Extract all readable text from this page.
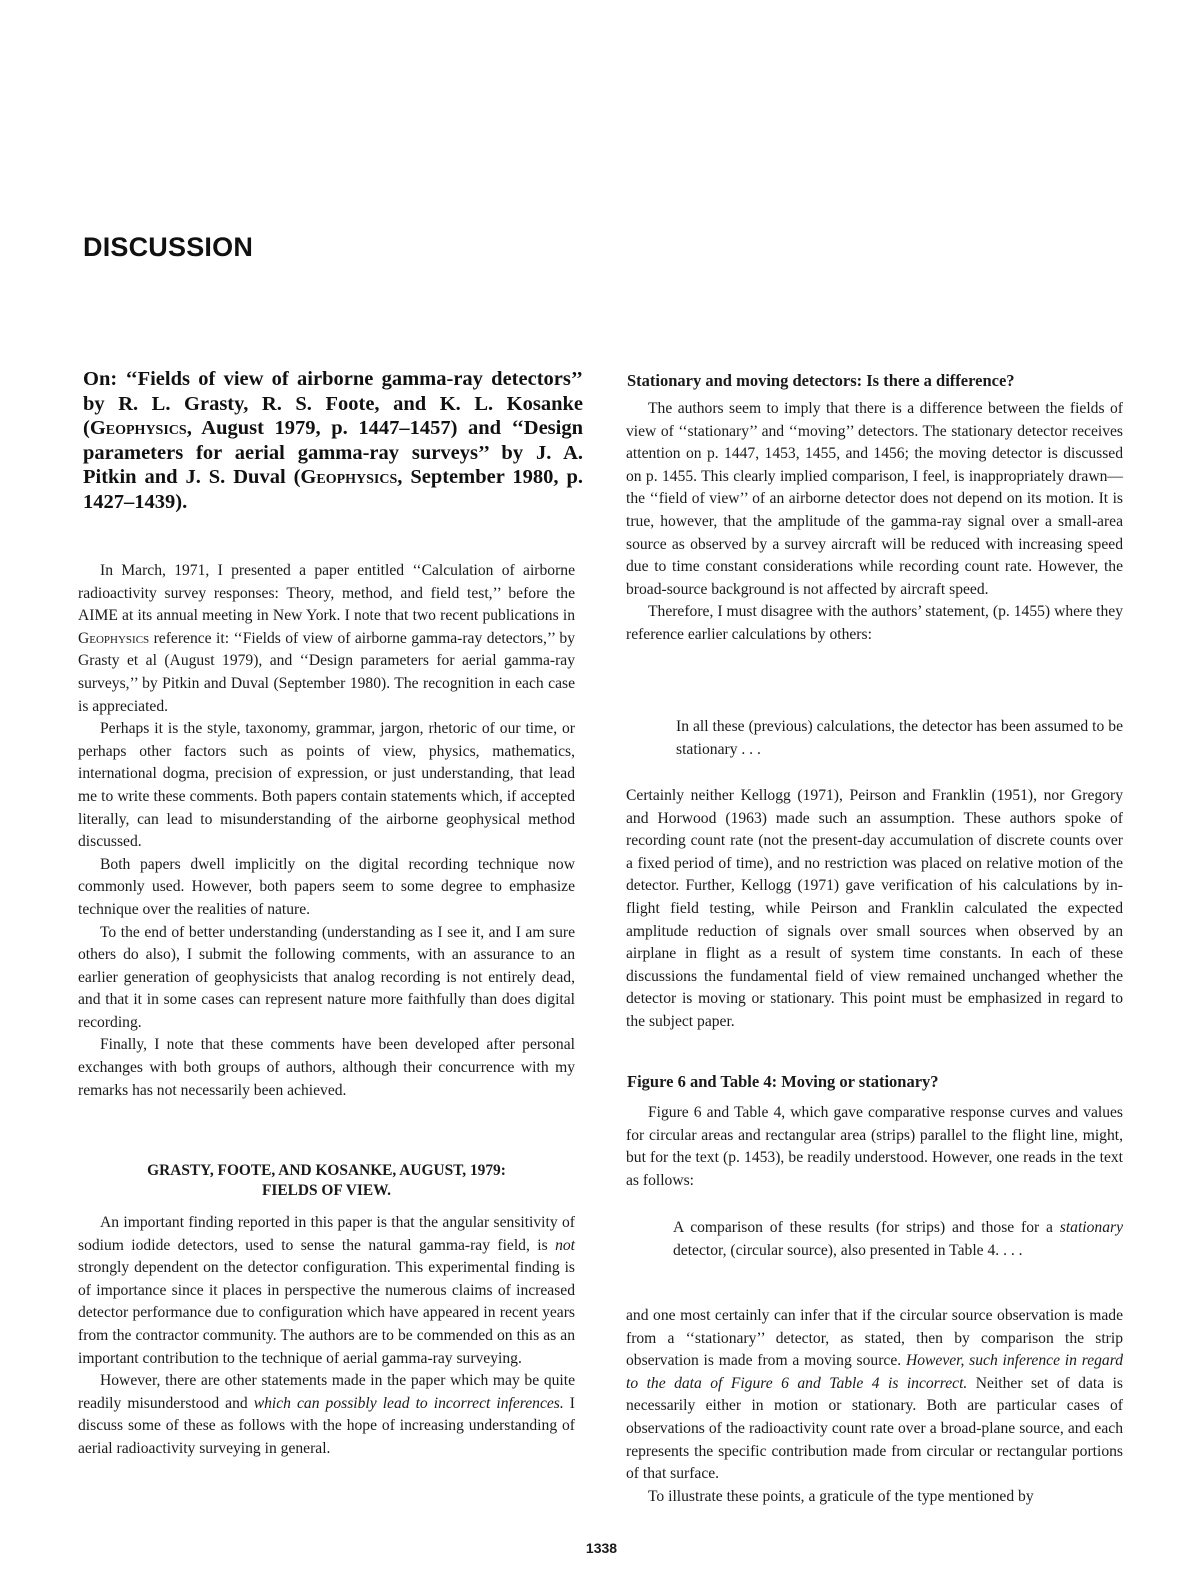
DISCUSSION
On: ‘‘Fields of view of airborne gamma-ray detectors’’ by R. L. Grasty, R. S. Foote, and K. L. Kosanke (Geophysics, August 1979, p. 1447–1457) and ‘‘Design parameters for aerial gamma-ray surveys’’ by J. A. Pitkin and J. S. Duval (Geophysics, September 1980, p. 1427–1439).

In March, 1971, I presented a paper entitled ‘‘Calculation of airborne radioactivity survey responses: Theory, method, and field test,’’ before the AIME at its annual meeting in New York. I note that two recent publications in Geophysics reference it: ‘‘Fields of view of airborne gamma-ray detectors,’’ by Grasty et al (August 1979), and ‘‘Design parameters for aerial gamma-ray surveys,’’ by Pitkin and Duval (September 1980). The recognition in each case is appreciated.

Perhaps it is the style, taxonomy, grammar, jargon, rhetoric of our time, or perhaps other factors such as points of view, physics, mathematics, international dogma, precision of expression, or just understanding, that lead me to write these comments. Both papers contain statements which, if accepted literally, can lead to misunderstanding of the airborne geophysical method discussed.

Both papers dwell implicitly on the digital recording technique now commonly used. However, both papers seem to some degree to emphasize technique over the realities of nature.

To the end of better understanding (understanding as I see it, and I am sure others do also), I submit the following comments, with an assurance to an earlier generation of geophysicists that analog recording is not entirely dead, and that it in some cases can represent nature more faithfully than does digital recording.

Finally, I note that these comments have been developed after personal exchanges with both groups of authors, although their concurrence with my remarks has not necessarily been achieved.

GRASTY, FOOTE, AND KOSANKE, AUGUST, 1979:
FIELDS OF VIEW.

An important finding reported in this paper is that the angular sensitivity of sodium iodide detectors, used to sense the natural gamma-ray field, is not strongly dependent on the detector configuration. This experimental finding is of importance since it places in perspective the numerous claims of increased detector performance due to configuration which have appeared in recent years from the contractor community. The authors are to be commended on this as an important contribution to the technique of aerial gamma-ray surveying.

However, there are other statements made in the paper which may be quite readily misunderstood and which can possibly lead to incorrect inferences. I discuss some of these as follows with the hope of increasing understanding of aerial radioactivity surveying in general.

Stationary and moving detectors: Is there a difference?

The authors seem to imply that there is a difference between the fields of view of ‘‘stationary’’ and ‘‘moving’’ detectors. The stationary detector receives attention on p. 1447, 1453, 1455, and 1456; the moving detector is discussed on p. 1455. This clearly implied comparison, I feel, is inappropriately drawn—the ‘‘field of view’’ of an airborne detector does not depend on its motion. It is true, however, that the amplitude of the gamma-ray signal over a small-area source as observed by a survey aircraft will be reduced with increasing speed due to time constant considerations while recording count rate. However, the broad-source background is not affected by aircraft speed.

Therefore, I must disagree with the authors’ statement, (p. 1455) where they reference earlier calculations by others:

In all these (previous) calculations, the detector has been assumed to be stationary . . .

Certainly neither Kellogg (1971), Peirson and Franklin (1951), nor Gregory and Horwood (1963) made such an assumption. These authors spoke of recording count rate (not the present-day accumulation of discrete counts over a fixed period of time), and no restriction was placed on relative motion of the detector. Further, Kellogg (1971) gave verification of his calculations by in-flight field testing, while Peirson and Franklin calculated the expected amplitude reduction of signals over small sources when observed by an airplane in flight as a result of system time constants. In each of these discussions the fundamental field of view remained unchanged whether the detector is moving or stationary. This point must be emphasized in regard to the subject paper.

Figure 6 and Table 4: Moving or stationary?

Figure 6 and Table 4, which gave comparative response curves and values for circular areas and rectangular area (strips) parallel to the flight line, might, but for the text (p. 1453), be readily understood. However, one reads in the text as follows:

A comparison of these results (for strips) and those for a stationary detector, (circular source), also presented in Table 4. . . .

and one most certainly can infer that if the circular source observation is made from a ‘‘stationary’’ detector, as stated, then by comparison the strip observation is made from a moving source. However, such inference in regard to the data of Figure 6 and Table 4 is incorrect. Neither set of data is necessarily either in motion or stationary. Both are particular cases of observations of the radioactivity count rate over a broad-plane source, and each represents the specific contribution made from circular or rectangular portions of that surface.

To illustrate these points, a graticule of the type mentioned by

1338
